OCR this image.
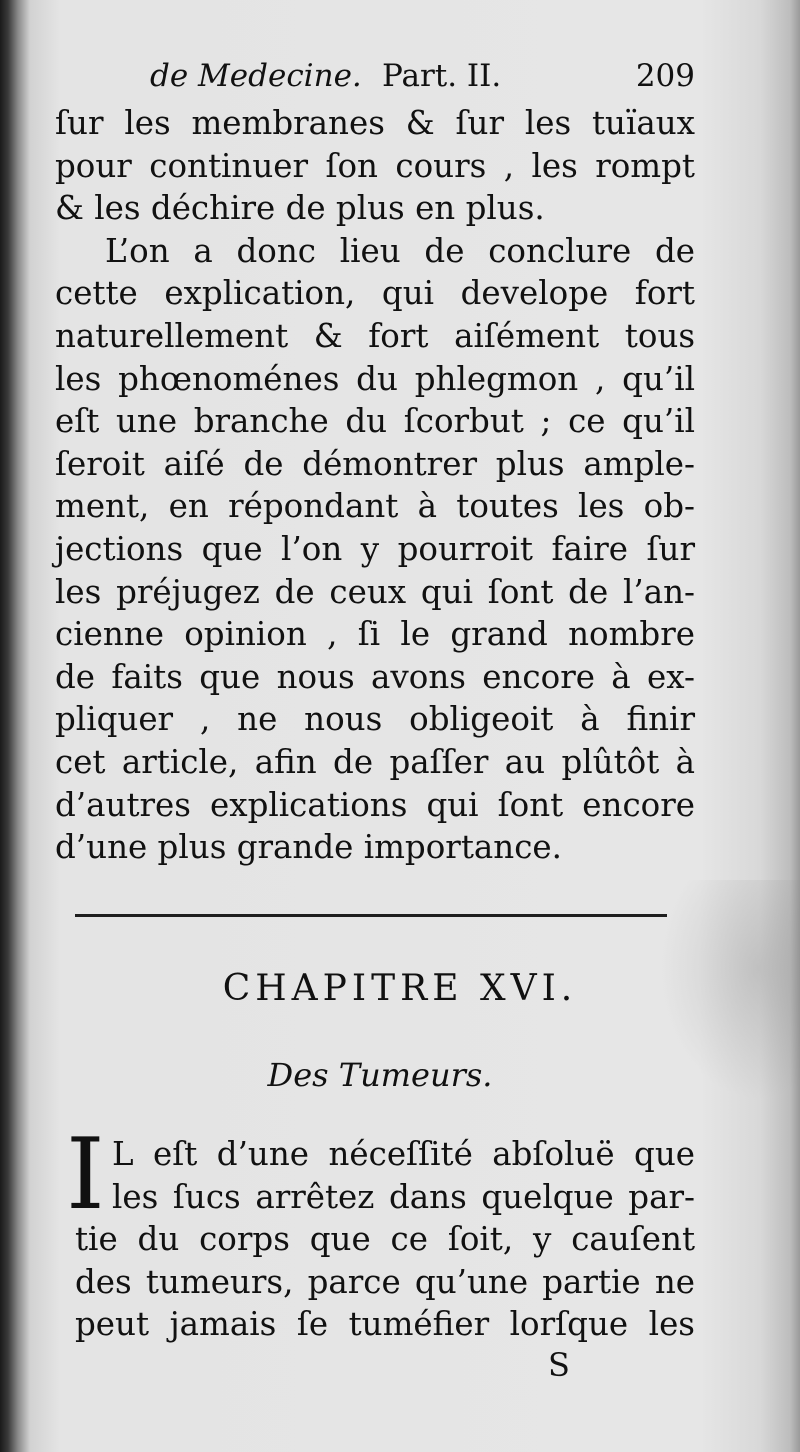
de Medecine. Part. II.	209
ſur les membranes & ſur les tuïaux
pour continuer ſon cours , les rompt
& les déchire de plus en plus.
L’on a donc lieu de conclure de
cette explication, qui develope fort
naturellement & fort aiſément tous
les phœnoménes du phlegmon , qu’il
eſt une branche du ſcorbut ; ce qu’il
ſeroit aiſé de démontrer plus ample-
ment, en répondant à toutes les ob-
jections que l’on y pourroit faire ſur
les préjugez de ceux qui ſont de l’an-
cienne opinion , ſi le grand nombre
de faits que nous avons encore à ex-
pliquer , ne nous obligeoit à finir
cet article, afin de paſſer au plûtôt à
d’autres explications qui ſont encore
d’une plus grande importance.
CHAPITRE XVI.
Des Tumeurs.
I L eſt d’une néceſſité abſoluë que
les ſucs arrêtez dans quelque par-
tie du corps que ce ſoit, y cauſent
des tumeurs, parce qu’une partie ne
peut jamais ſe tuméfier lorſque les
S
